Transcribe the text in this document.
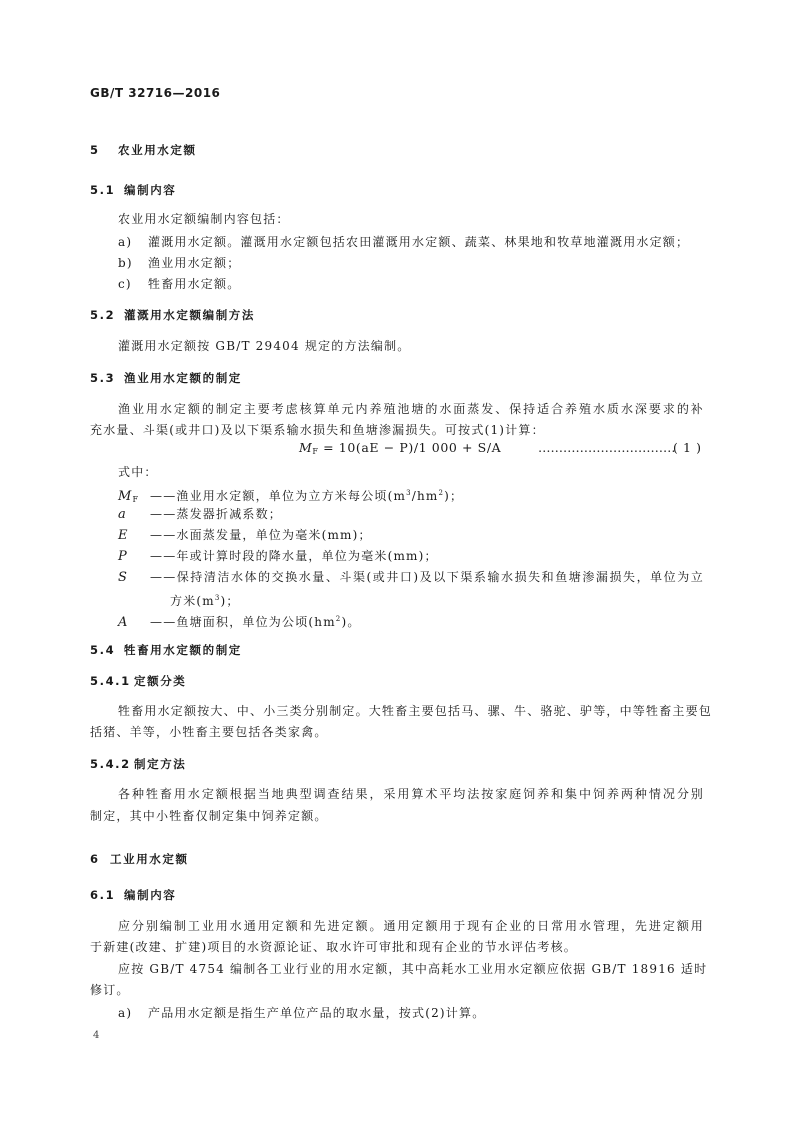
GB/T 32716—2016
5 农业用水定额
5.1 编制内容
农业用水定额编制内容包括：
a) 灌溉用水定额。灌溉用水定额包括农田灌溉用水定额、蔬菜、林果地和牧草地灌溉用水定额；
b) 渔业用水定额；
c) 牲畜用水定额。
5.2 灌溉用水定额编制方法
灌溉用水定额按 GB/T 29404 规定的方法编制。
5.3 渔业用水定额的制定
渔业用水定额的制定主要考虑核算单元内养殖池塘的水面蒸发、保持适合养殖水质水深要求的补
充水量、斗渠(或井口)及以下渠系输水损失和鱼塘渗漏损失。可按式(1)计算：
$M_F = 10(aE - P)/1$ 000 + S/A	……………………………
( 1 )
式中：
$M_F$ ——渔业用水定额，单位为立方米每公顷$(m^3/hm^2)$；
a ——蒸发器折减系数；
E ——水面蒸发量，单位为毫米(mm)；
P ——年或计算时段的降水量，单位为毫米(mm)；
S ——保持清洁水体的交换水量、斗渠(或井口)及以下渠系输水损失和鱼塘渗漏损失，单位为立
方米$(m^3)$；
A ——鱼塘面积，单位为公顷$(hm^2)$。
5.4 牲畜用水定额的制定
5.4.1 定额分类
牲畜用水定额按大、中、小三类分别制定。大牲畜主要包括马、骡、牛、骆驼、驴等，中等牲畜主要包
括猪、羊等，小牲畜主要包括各类家禽。
5.4.2 制定方法
各种牲畜用水定额根据当地典型调查结果，采用算术平均法按家庭饲养和集中饲养两种情况分别
制定，其中小牲畜仅制定集中饲养定额。
6 工业用水定额
6.1 编制内容
应分别编制工业用水通用定额和先进定额。通用定额用于现有企业的日常用水管理，先进定额用
于新建(改建、扩建)项目的水资源论证、取水许可审批和现有企业的节水评估考核。
应按 GB/T 4754 编制各工业行业的用水定额，其中高耗水工业用水定额应依据 GB/T 18916 适时
修订。
a) 产品用水定额是指生产单位产品的取水量，按式(2)计算。
4
